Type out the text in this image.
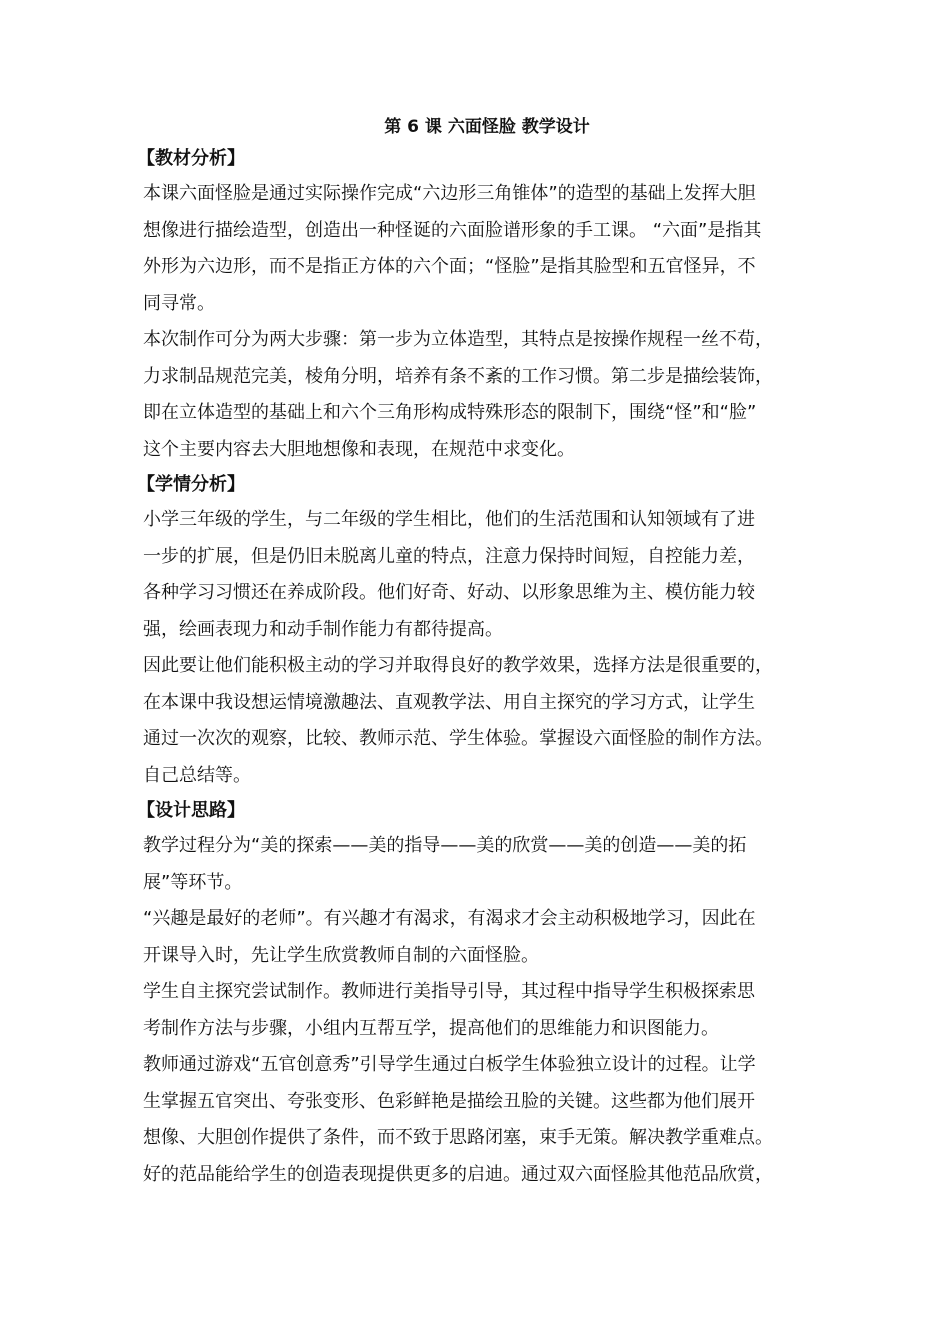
第 6 课 六面怪脸 教学设计
【教材分析】
本课六面怪脸是通过实际操作完成“六边形三角锥体”的造型的基础上发挥大胆
想像进行描绘造型，创造出一种怪诞的六面脸谱形象的手工课。 “六面”是指其
外形为六边形，而不是指正方体的六个面；“怪脸”是指其脸型和五官怪异，不
同寻常。
本次制作可分为两大步骤：第一步为立体造型，其特点是按操作规程一丝不苟，
力求制品规范完美，棱角分明，培养有条不紊的工作习惯。第二步是描绘装饰，
即在立体造型的基础上和六个三角形构成特殊形态的限制下，围绕“怪”和“脸”
这个主要内容去大胆地想像和表现，在规范中求变化。
【学情分析】
小学三年级的学生，与二年级的学生相比，他们的生活范围和认知领域有了进
一步的扩展，但是仍旧未脱离儿童的特点，注意力保持时间短，自控能力差，
各种学习习惯还在养成阶段。他们好奇、好动、以形象思维为主、模仿能力较
强，绘画表现力和动手制作能力有都待提高。
因此要让他们能积极主动的学习并取得良好的教学效果，选择方法是很重要的，
在本课中我设想运情境激趣法、直观教学法、用自主探究的学习方式，让学生
通过一次次的观察，比较、教师示范、学生体验。掌握设六面怪脸的制作方法。
自己总结等。
【设计思路】
教学过程分为“美的探索——美的指导——美的欣赏——美的创造——美的拓
展”等环节。
“兴趣是最好的老师”。有兴趣才有渴求，有渴求才会主动积极地学习，因此在
开课导入时，先让学生欣赏教师自制的六面怪脸。
学生自主探究尝试制作。教师进行美指导引导，其过程中指导学生积极探索思
考制作方法与步骤，小组内互帮互学，提高他们的思维能力和识图能力。
教师通过游戏“五官创意秀”引导学生通过白板学生体验独立设计的过程。让学
生掌握五官突出、夸张变形、色彩鲜艳是描绘丑脸的关键。这些都为他们展开
想像、大胆创作提供了条件，而不致于思路闭塞，束手无策。解决教学重难点。
好的范品能给学生的创造表现提供更多的启迪。通过双六面怪脸其他范品欣赏，
